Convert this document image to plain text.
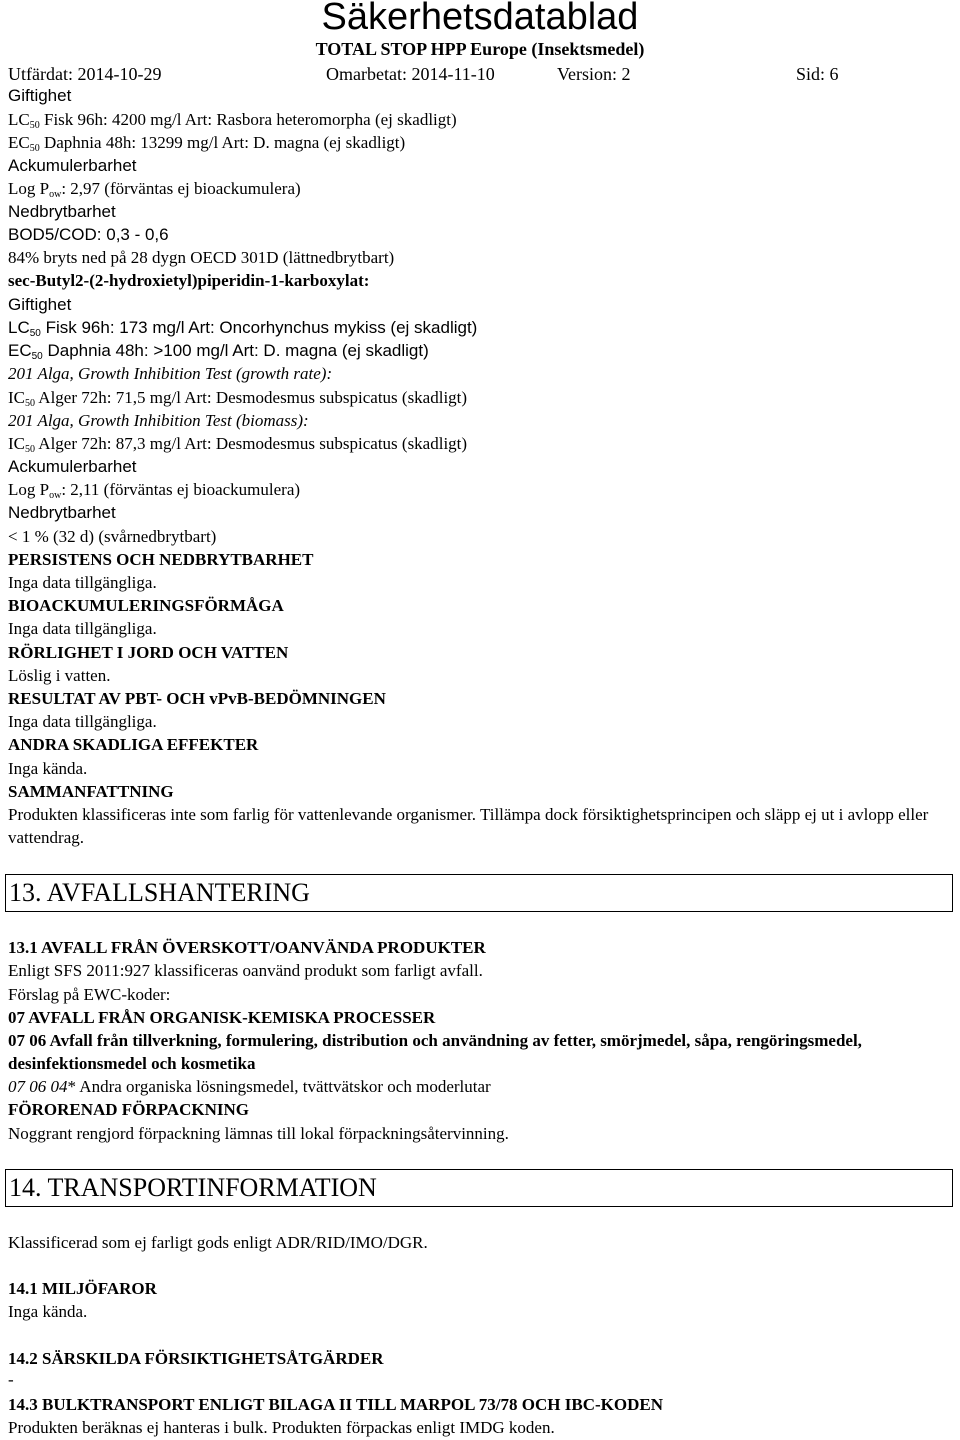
Säkerhetsdatablad
TOTAL STOP HPP Europe (Insektsmedel)
Utfärdat: 2014-10-29	Omarbetat: 2014-11-10	Version: 2	Sid: 6
Giftighet
$LC_{50}$ Fisk 96h: 4200 mg/l Art: Rasbora heteromorpha (ej skadligt)
$EC_{50}$ Daphnia 48h: 13299 mg/l Art: D. magna (ej skadligt)
Ackumulerbarhet
Log $P_{ow}$: 2,97 (förväntas ej bioackumulera)
Nedbrytbarhet
BOD5/COD: 0,3 - 0,6
84% bryts ned på 28 dygn OECD 301D (lättnedbrytbart)
sec-Butyl2-(2-hydroxietyl)piperidin-1-karboxylat:
Giftighet
$LC_{50}$ Fisk 96h: 173 mg/l Art: Oncorhynchus mykiss (ej skadligt)
$EC_{50}$ Daphnia 48h: >100 mg/l Art: D. magna (ej skadligt)
201 Alga, Growth Inhibition Test (growth rate):
$IC_{50}$ Alger 72h: 71,5 mg/l Art: Desmodesmus subspicatus (skadligt)
201 Alga, Growth Inhibition Test (biomass):
$IC_{50}$ Alger 72h: 87,3 mg/l Art: Desmodesmus subspicatus (skadligt)
Ackumulerbarhet
Log $P_{ow}$: 2,11 (förväntas ej bioackumulera)
Nedbrytbarhet
< 1 % (32 d) (svårnedbrytbart)
PERSISTENS OCH NEDBRYTBARHET
Inga data tillgängliga.
BIOACKUMULERINGSFÖRMÅGA
Inga data tillgängliga.
RÖRLIGHET I JORD OCH VATTEN
Löslig i vatten.
RESULTAT AV PBT- OCH vPvB-BEDÖMNINGEN
Inga data tillgängliga.
ANDRA SKADLIGA EFFEKTER
Inga kända.
SAMMANFATTNING
Produkten klassificeras inte som farlig för vattenlevande organismer. Tillämpa dock försiktighetsprincipen och släpp ej ut i avlopp eller vattendrag.
13. AVFALLSHANTERING
13.1 AVFALL FRÅN ÖVERSKOTT/OANVÄNDA PRODUKTER
Enligt SFS 2011:927 klassificeras oanvänd produkt som farligt avfall.
Förslag på EWC-koder:
07 AVFALL FRÅN ORGANISK-KEMISKA PROCESSER
07 06 Avfall från tillverkning, formulering, distribution och användning av fetter, smörjmedel, såpa, rengöringsmedel, desinfektionsmedel och kosmetika
07 06 04* Andra organiska lösningsmedel, tvättvätskor och moderlutar
FÖRORENAD FÖRPACKNING
Noggrant rengjord förpackning lämnas till lokal förpackningsåtervinning.
14. TRANSPORTINFORMATION
Klassificerad som ej farligt gods enligt ADR/RID/IMO/DGR.
14.1 MILJÖFAROR
Inga kända.
14.2 SÄRSKILDA FÖRSIKTIGHETSÅTGÄRDER
-
14.3 BULKTRANSPORT ENLIGT BILAGA II TILL MARPOL 73/78 OCH IBC-KODEN
Produkten beräknas ej hanteras i bulk. Produkten förpackas enligt IMDG koden.
